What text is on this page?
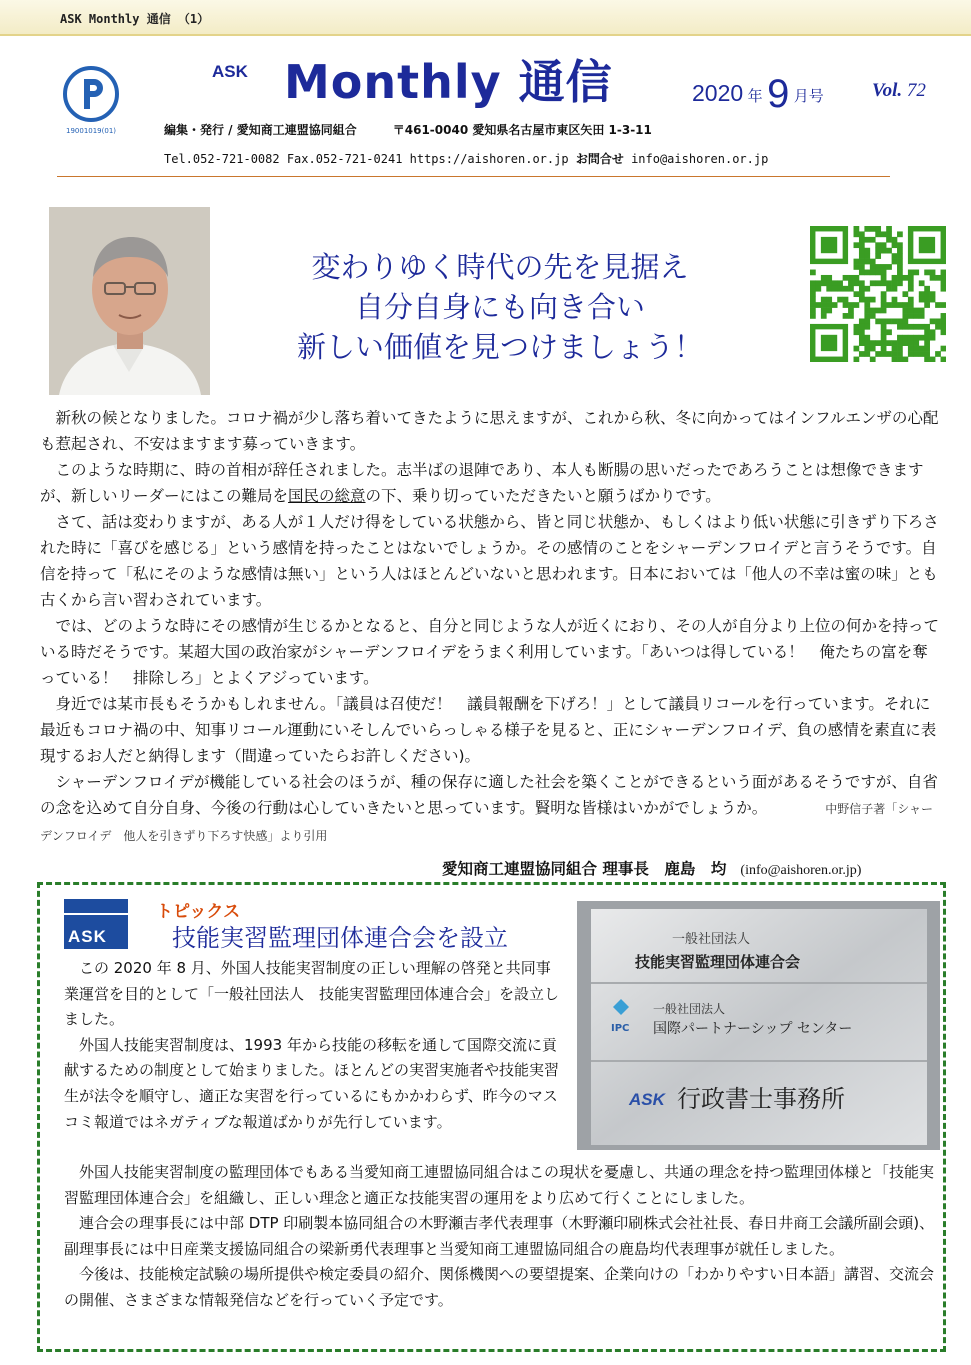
ASK Monthly 通信 （1）
19001019(01)
ASK Monthly 通信	2020 年 9 月号	Vol. 72
編集・発行 / 愛知商工連盟協同組合　　　〒461-0040 愛知県名古屋市東区矢田 1-3-11
Tel.052-721-0082 Fax.052-721-0241 https://aishoren.or.jp お問合せ info@aishoren.or.jp
変わりゆく時代の先を見据え
自分自身にも向き合い
新しい価値を見つけましょう！

新秋の候となりました。コロナ禍が少し落ち着いてきたように思えますが、これから秋、冬に向かってはインフルエンザの心配も惹起され、不安はますます募っていきます。

このような時期に、時の首相が辞任されました。志半ばの退陣であり、本人も断腸の思いだったであろうことは想像できますが、新しいリーダーにはこの難局を国民の総意の下、乗り切っていただきたいと願うばかりです。

さて、話は変わりますが、ある人が１人だけ得をしている状態から、皆と同じ状態か、もしくはより低い状態に引きずり下ろされた時に「喜びを感じる」という感情を持ったことはないでしょうか。その感情のことをシャーデンフロイデと言うそうです。自信を持って「私にそのような感情は無い」という人はほとんどいないと思われます。日本においては「他人の不幸は蜜の味」とも古くから言い習わされています。

では、どのような時にその感情が生じるかとなると、自分と同じような人が近くにおり、その人が自分より上位の何かを持っている時だそうです。某超大国の政治家がシャーデンフロイデをうまく利用しています。「あいつは得している！　俺たちの富を奪っている！　排除しろ」とよくアジっています。

身近では某市長もそうかもしれません。「議員は召使だ！　議員報酬を下げろ！」として議員リコールを行っています。それに最近もコロナ禍の中、知事リコール運動にいそしんでいらっしゃる様子を見ると、正にシャーデンフロイデ、負の感情を素直に表現するお人だと納得します（間違っていたらお許しください)。

シャーデンフロイデが機能している社会のほうが、種の保存に適した社会を築くことができるという面があるそうですが、自省の念を込めて自分自身、今後の行動は心していきたいと思っています。賢明な皆様はいかがでしょうか。	中野信子著「シャーデンフロイデ　他人を引きずり下ろす快感」より引用

愛知商工連盟協同組合 理事長　鹿島　均 (info@aishoren.or.jp)
ASK
トピックス
技能実習監理団体連合会を設立	一般社団法人
技能実習監理団体連合会
IPC
一般社団法人
国際パートナーシップ センター
ASK 行政書士事務所

この 2020 年 8 月、外国人技能実習制度の正しい理解の啓発と共同事業運営を目的として「一般社団法人　技能実習監理団体連合会」を設立しました。

外国人技能実習制度は、1993 年から技能の移転を通して国際交流に貢献するための制度として始まりました。ほとんどの実習実施者や技能実習生が法令を順守し、適正な実習を行っているにもかかわらず、昨今のマスコミ報道ではネガティブな報道ばかりが先行しています。

外国人技能実習制度の監理団体でもある当愛知商工連盟協同組合はこの現状を憂慮し、共通の理念を持つ監理団体様と「技能実習監理団体連合会」を組織し、正しい理念と適正な技能実習の運用をより広めて行くことにしました。

連合会の理事長には中部 DTP 印刷製本協同組合の木野瀬吉孝代表理事（木野瀬印刷株式会社社長、春日井商工会議所副会頭)、副理事長には中日産業支援協同組合の梁新勇代表理事と当愛知商工連盟協同組合の鹿島均代表理事が就任しました。

今後は、技能検定試験の場所提供や検定委員の紹介、関係機関への要望提案、企業向けの「わかりやすい日本語」講習、交流会の開催、さまざまな情報発信などを行っていく予定です。
